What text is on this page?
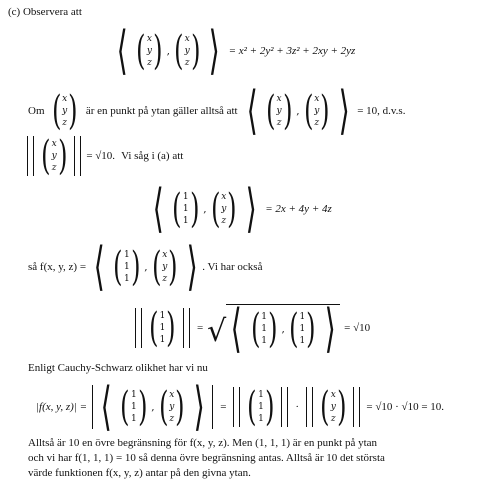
(c) Observera att
⟨ ( x
y
z ) , ( x
y
z ) ⟩ = x² + 2y² + 3z² + 2xy + 2yz
Om ( x
y
z ) är en punkt på ytan gäller alltså att ⟨ ( x
y
z ) , ( x
y
z ) ⟩ = 10, d.v.s.
( x
y
z ) = √10. Vi såg i (a) att
⟨ ( 1
1
1 ) , ( x
y
z ) ⟩ = 2x + 4y + 4z
så f(x, y, z) = ⟨ ( 1
1
1 ) , ( x
y
z ) ⟩ . Vi har också
( 1
1
1 ) = √ ⟨ ( 1
1
1 ) , ( 1
1
1 ) ⟩ = √10
Enligt Cauchy-Schwarz olikhet har vi nu
|f(x, y, z)| = ⟨ ( 1
1
1 ) , ( x
y
z ) ⟩ = ( 1
1
1 ) · ( x
y
z ) = √10 · √10 = 10.
Alltså är 10 en övre begränsning för f(x, y, z). Men (1, 1, 1) är en punkt på ytan
och vi har f(1, 1, 1) = 10 så denna övre begränsning antas. Alltså är 10 det största
värde funktionen f(x, y, z) antar på den givna ytan.
